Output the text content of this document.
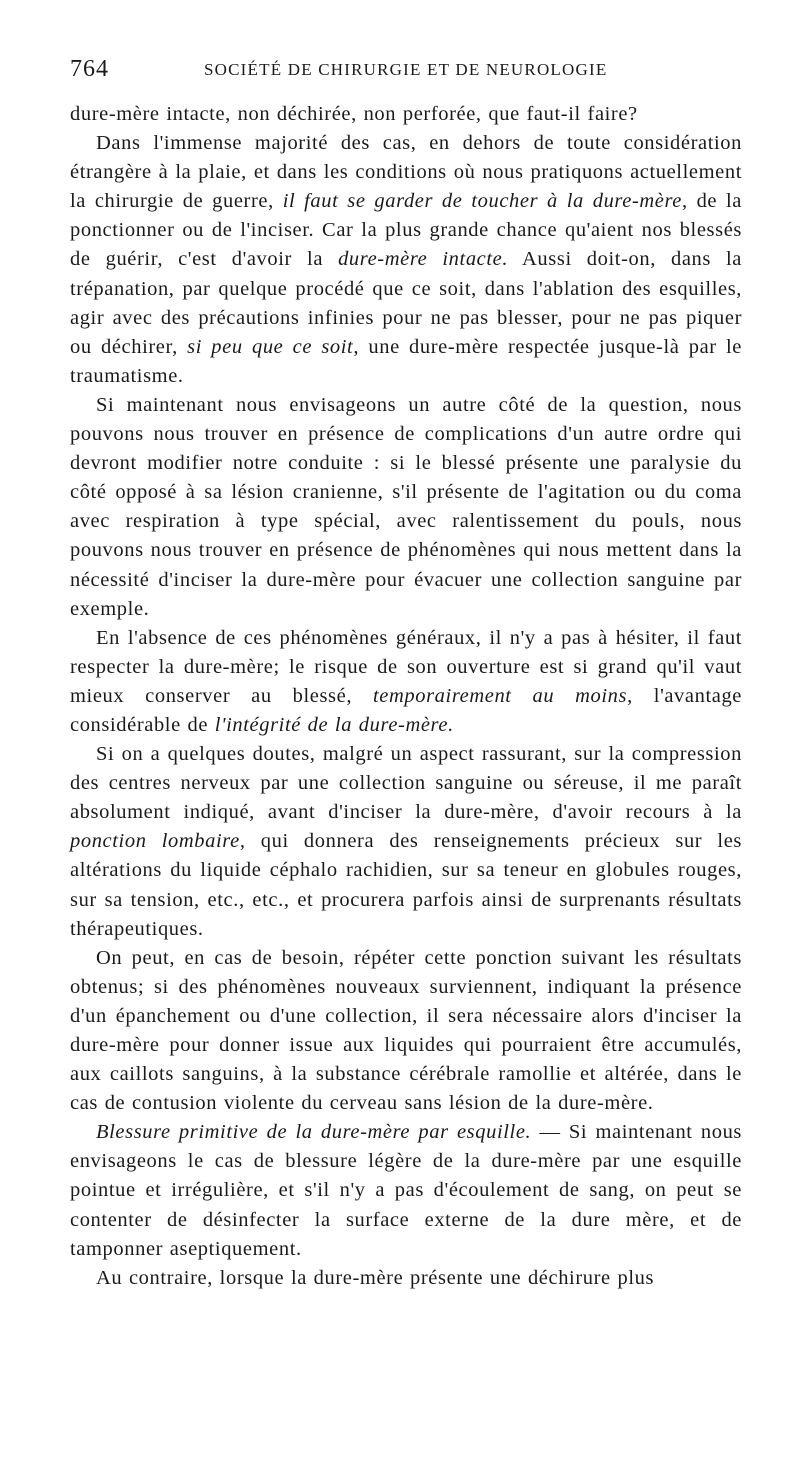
764	SOCIÉTÉ DE CHIRURGIE ET DE NEUROLOGIE

dure-mère intacte, non déchirée, non perforée, que faut-il faire?

Dans l'immense majorité des cas, en dehors de toute considération étrangère à la plaie, et dans les conditions où nous pratiquons actuellement la chirurgie de guerre, il faut se garder de toucher à la dure-mère, de la ponctionner ou de l'inciser. Car la plus grande chance qu'aient nos blessés de guérir, c'est d'avoir la dure-mère intacte. Aussi doit-on, dans la trépanation, par quelque procédé que ce soit, dans l'ablation des esquilles, agir avec des précautions infinies pour ne pas blesser, pour ne pas piquer ou déchirer, si peu que ce soit, une dure-mère respectée jusque-là par le traumatisme.

Si maintenant nous envisageons un autre côté de la question, nous pouvons nous trouver en présence de complications d'un autre ordre qui devront modifier notre conduite : si le blessé présente une paralysie du côté opposé à sa lésion cranienne, s'il présente de l'agitation ou du coma avec respiration à type spécial, avec ralentissement du pouls, nous pouvons nous trouver en présence de phénomènes qui nous mettent dans la nécessité d'inciser la dure-mère pour évacuer une collection sanguine par exemple.

En l'absence de ces phénomènes généraux, il n'y a pas à hésiter, il faut respecter la dure-mère; le risque de son ouverture est si grand qu'il vaut mieux conserver au blessé, temporairement au moins, l'avantage considérable de l'intégrité de la dure-mère.

Si on a quelques doutes, malgré un aspect rassurant, sur la compression des centres nerveux par une collection sanguine ou séreuse, il me paraît absolument indiqué, avant d'inciser la dure-mère, d'avoir recours à la ponction lombaire, qui donnera des renseignements précieux sur les altérations du liquide céphalo rachidien, sur sa teneur en globules rouges, sur sa tension, etc., etc., et procurera parfois ainsi de surprenants résultats thérapeutiques.

On peut, en cas de besoin, répéter cette ponction suivant les résultats obtenus; si des phénomènes nouveaux surviennent, indiquant la présence d'un épanchement ou d'une collection, il sera nécessaire alors d'inciser la dure-mère pour donner issue aux liquides qui pourraient être accumulés, aux caillots sanguins, à la substance cérébrale ramollie et altérée, dans le cas de contusion violente du cerveau sans lésion de la dure-mère.

Blessure primitive de la dure-mère par esquille. — Si maintenant nous envisageons le cas de blessure légère de la dure-mère par une esquille pointue et irrégulière, et s'il n'y a pas d'écoulement de sang, on peut se contenter de désinfecter la surface externe de la dure mère, et de tamponner aseptiquement.

Au contraire, lorsque la dure-mère présente une déchirure plus
